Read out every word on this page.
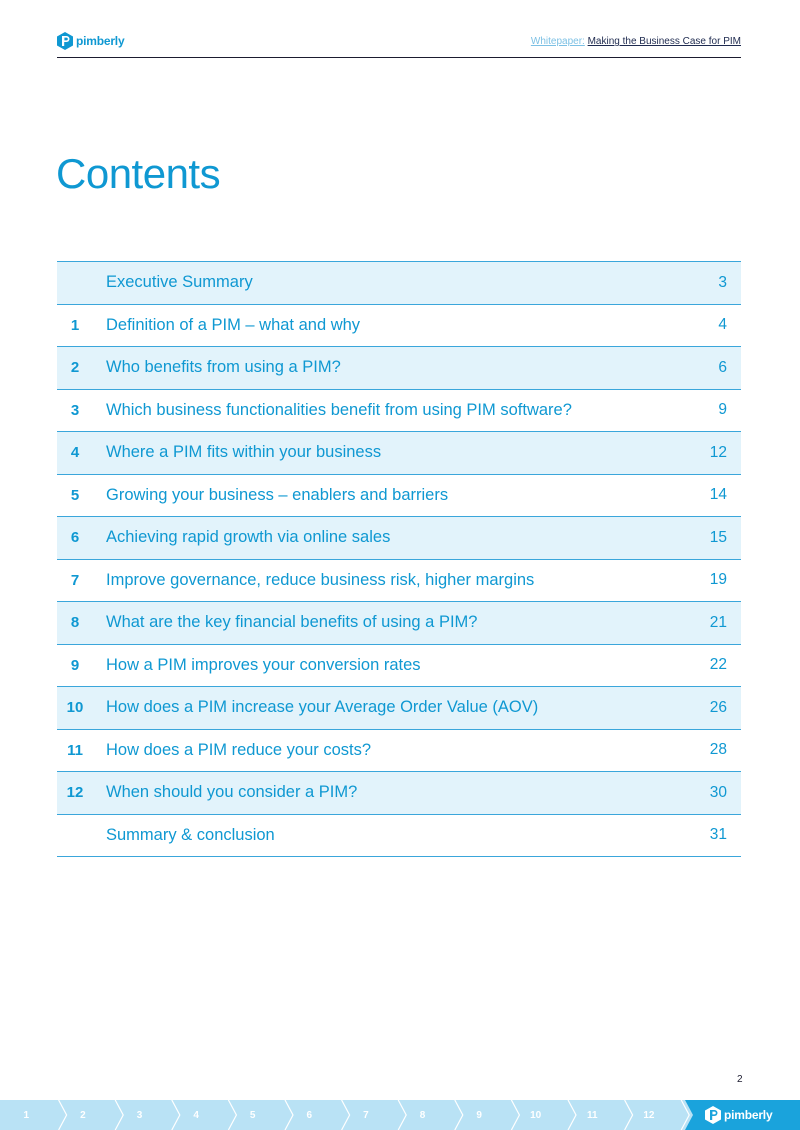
pimberly	Whitepaper: Making the Business Case for PIM
Contents
Executive Summary	3
1	Definition of a PIM – what and why	4
2	Who benefits from using a PIM?	6
3	Which business functionalities benefit from using PIM software?	9
4	Where a PIM fits within your business	12
5	Growing your business – enablers and barriers	14
6	Achieving rapid growth via online sales	15
7	Improve governance, reduce business risk, higher margins	19
8	What are the key financial benefits of using a PIM?	21
9	How a PIM improves your conversion rates	22
10	How does a PIM increase your Average Order Value (AOV)	26
11	How does a PIM reduce your costs?	28
12	When should you consider a PIM?	30
Summary & conclusion	31
2
pimberly
1	2	3	4	5	6	7	8	9	10	11	12
